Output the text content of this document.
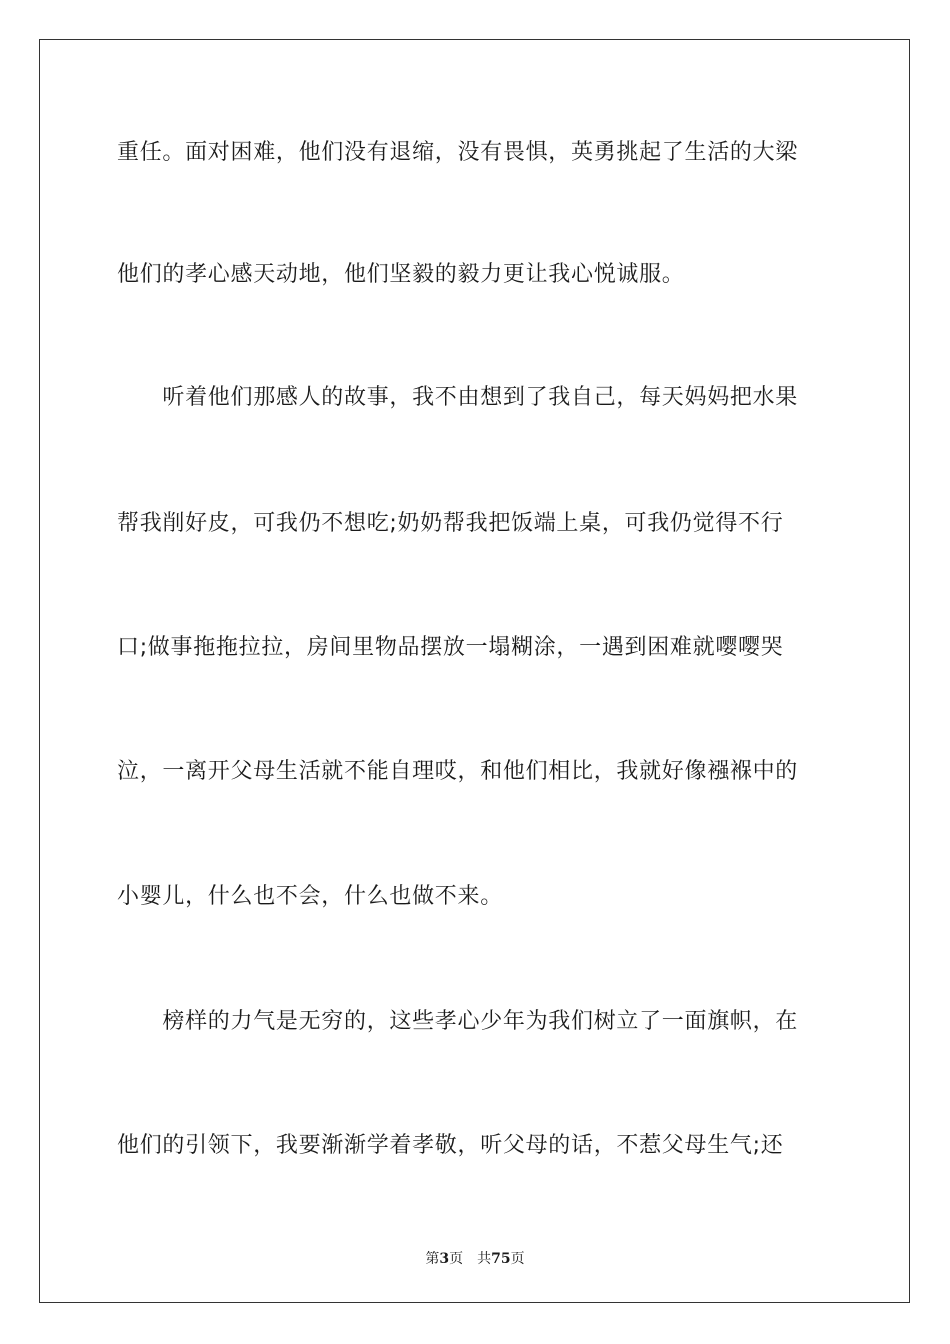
重任。面对困难，他们没有退缩，没有畏惧，英勇挑起了生活的大梁
他们的孝心感天动地，他们坚毅的毅力更让我心悦诚服。
　　听着他们那感人的故事，我不由想到了我自己，每天妈妈把水果
帮我削好皮，可我仍不想吃;奶奶帮我把饭端上桌，可我仍觉得不行
口;做事拖拖拉拉，房间里物品摆放一塌糊涂，一遇到困难就嘤嘤哭
泣，一离开父母生活就不能自理哎，和他们相比，我就好像襁褓中的
小婴儿，什么也不会，什么也做不来。
　　榜样的力气是无穷的，这些孝心少年为我们树立了一面旗帜，在
他们的引领下，我要渐渐学着孝敬，听父母的话，不惹父母生气;还
第3页 共75页
